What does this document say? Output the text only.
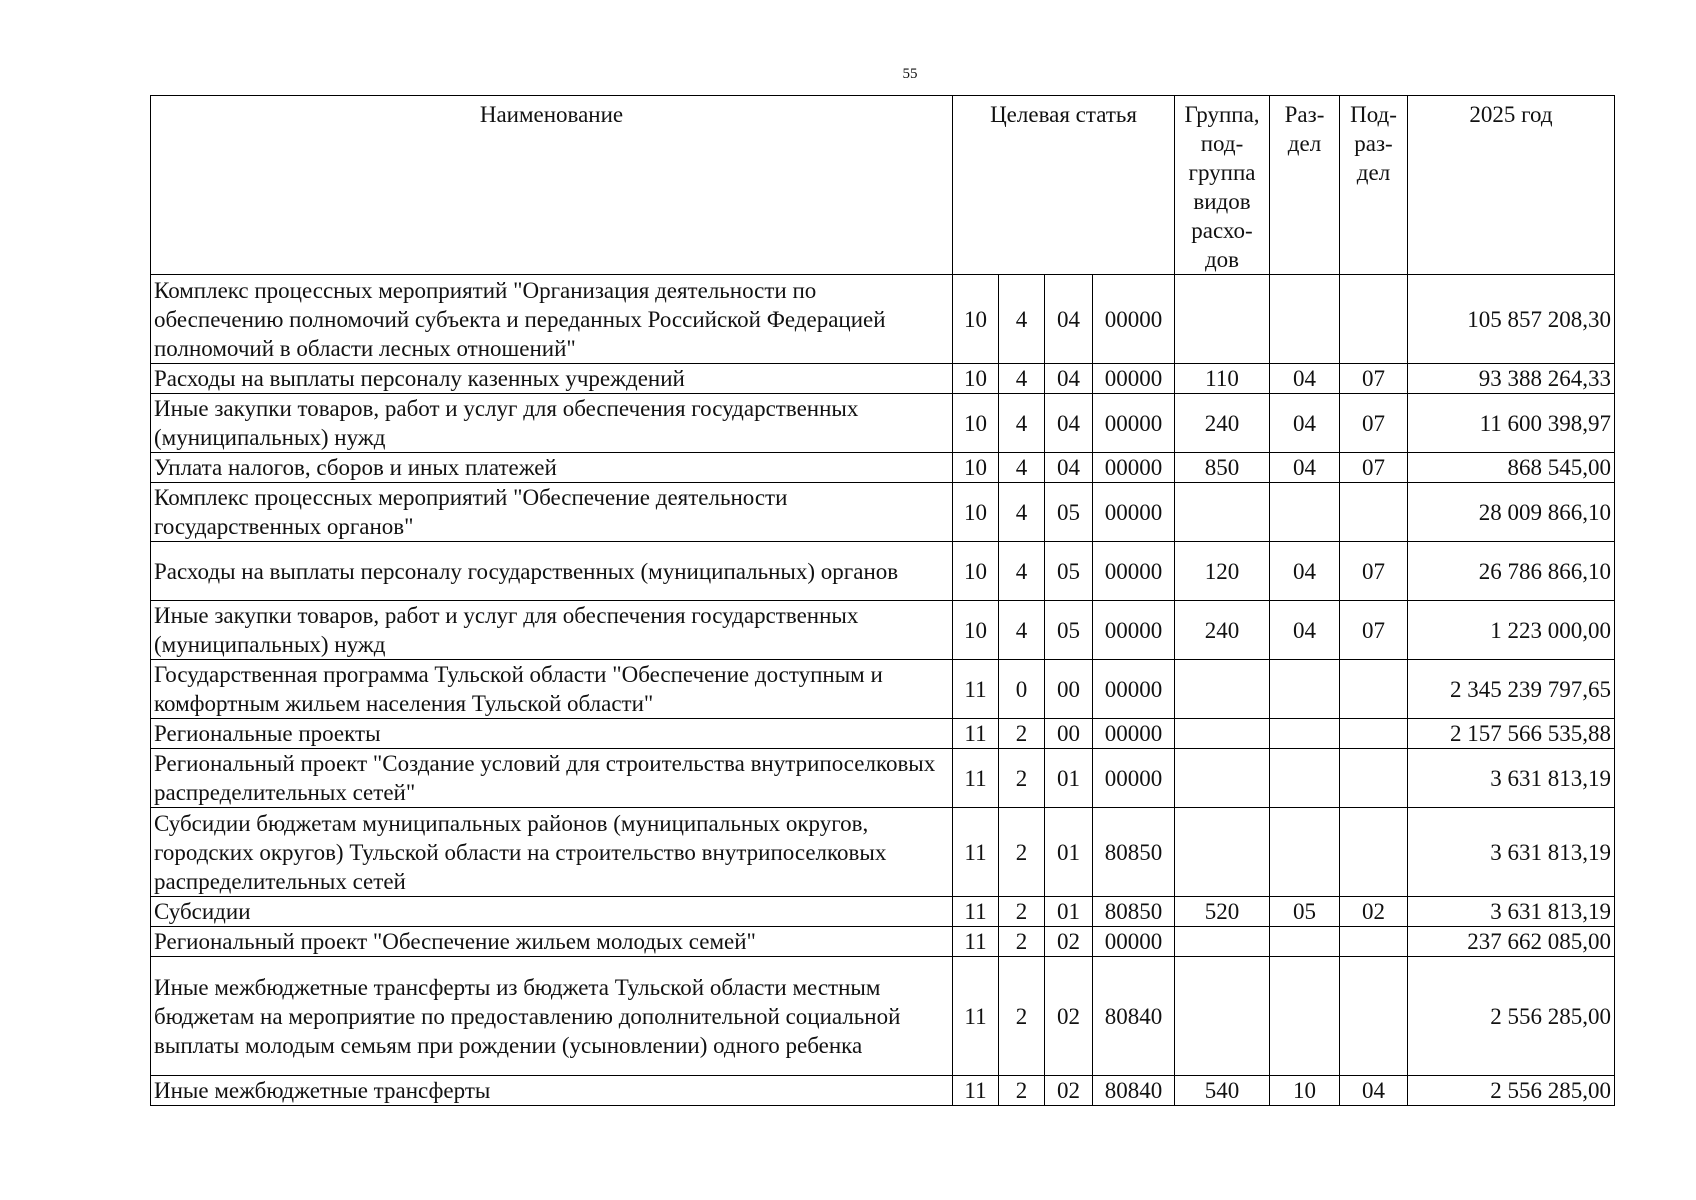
55
Наименование	Целевая статья				Группа, под-группа видов расхо-дов	Раз-дел	Под-раз-дел	2025 год
Комплекс процессных мероприятий "Организация деятельности по обеспечению полномочий субъекта и переданных Российской Федерацией полномочий в области лесных отношений"	10	4	04	00000				105 857 208,30
Расходы на выплаты персоналу казенных учреждений	10	4	04	00000	110	04	07	93 388 264,33
Иные закупки товаров, работ и услуг для обеспечения государственных (муниципальных) нужд	10	4	04	00000	240	04	07	11 600 398,97
Уплата налогов, сборов и иных платежей	10	4	04	00000	850	04	07	868 545,00
Комплекс процессных мероприятий "Обеспечение деятельности государственных органов"	10	4	05	00000				28 009 866,10
Расходы на выплаты персоналу государственных (муниципальных) органов	10	4	05	00000	120	04	07	26 786 866,10
Иные закупки товаров, работ и услуг для обеспечения государственных (муниципальных) нужд	10	4	05	00000	240	04	07	1 223 000,00
Государственная программа Тульской области "Обеспечение доступным и комфортным жильем населения Тульской области"	11	0	00	00000				2 345 239 797,65
Региональные проекты	11	2	00	00000				2 157 566 535,88
Региональный проект "Создание условий для строительства внутрипоселковых распределительных сетей"	11	2	01	00000				3 631 813,19
Субсидии бюджетам муниципальных районов (муниципальных округов, городских округов) Тульской области на строительство внутрипоселковых распределительных сетей	11	2	01	80850				3 631 813,19
Субсидии	11	2	01	80850	520	05	02	3 631 813,19
Региональный проект "Обеспечение жильем молодых семей"	11	2	02	00000				237 662 085,00
Иные межбюджетные трансферты из бюджета Тульской области местным бюджетам на мероприятие по предоставлению дополнительной социальной выплаты молодым семьям при рождении (усыновлении) одного ребенка	11	2	02	80840				2 556 285,00
Иные межбюджетные трансферты	11	2	02	80840	540	10	04	2 556 285,00
